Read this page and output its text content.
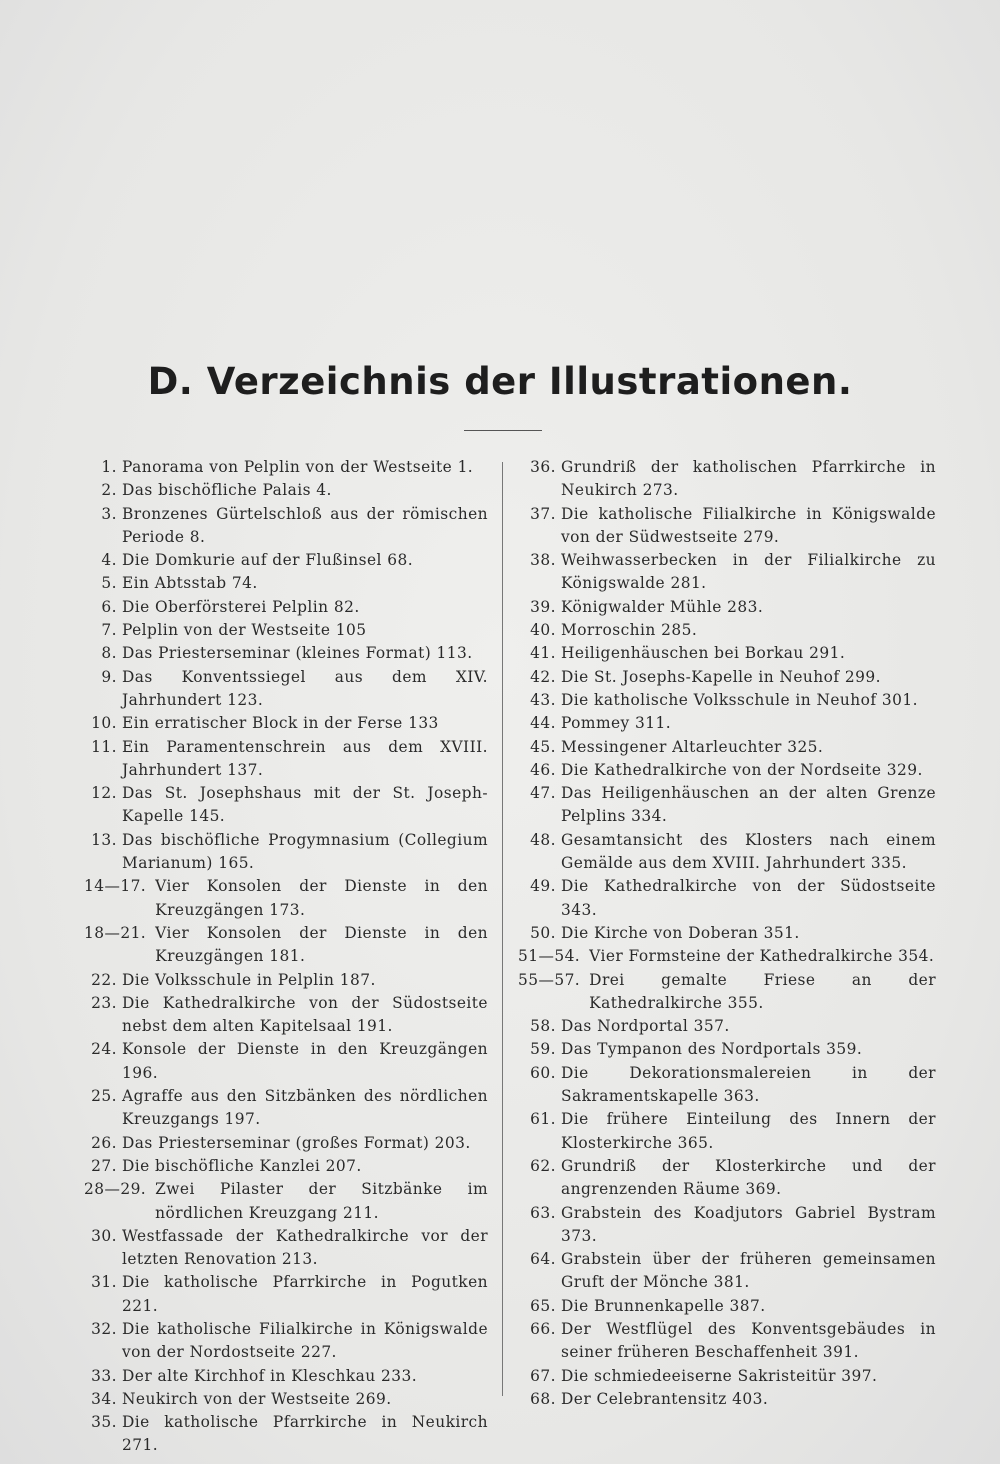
D. Verzeichnis der Illustrationen.
1. Panorama von Pelplin von der Westseite 1.
2. Das bischöfliche Palais 4.
3. Bronzenes Gürtelschloß aus der römischen Periode 8.
4. Die Domkurie auf der Flußinsel 68.
5. Ein Abtsstab 74.
6. Die Oberförsterei Pelplin 82.
7. Pelplin von der Westseite 105
8. Das Priesterseminar (kleines Format) 113.
9. Das Konventssiegel aus dem XIV. Jahrhundert 123.
10. Ein erratischer Block in der Ferse 133
11. Ein Paramentenschrein aus dem XVIII. Jahrhundert 137.
12. Das St. Josephshaus mit der St. Joseph-Kapelle 145.
13. Das bischöfliche Progymnasium (Collegium Marianum) 165.
14—17. Vier Konsolen der Dienste in den Kreuzgängen 173.
18—21. Vier Konsolen der Dienste in den Kreuzgängen 181.
22. Die Volksschule in Pelplin 187.
23. Die Kathedralkirche von der Südostseite nebst dem alten Kapitelsaal 191.
24. Konsole der Dienste in den Kreuzgängen 196.
25. Agraffe aus den Sitzbänken des nördlichen Kreuzgangs 197.
26. Das Priesterseminar (großes Format) 203.
27. Die bischöfliche Kanzlei 207.
28—29. Zwei Pilaster der Sitzbänke im nördlichen Kreuzgang 211.
30. Westfassade der Kathedralkirche vor der letzten Renovation 213.
31. Die katholische Pfarrkirche in Pogutken 221.
32. Die katholische Filialkirche in Königswalde von der Nordostseite 227.
33. Der alte Kirchhof in Kleschkau 233.
34. Neukirch von der Westseite 269.
35. Die katholische Pfarrkirche in Neukirch 271.
36. Grundriß der katholischen Pfarrkirche in Neukirch 273.
37. Die katholische Filialkirche in Königswalde von der Südwestseite 279.
38. Weihwasserbecken in der Filialkirche zu Königswalde 281.
39. Königwalder Mühle 283.
40. Morroschin 285.
41. Heiligenhäuschen bei Borkau 291.
42. Die St. Josephs-Kapelle in Neuhof 299.
43. Die katholische Volksschule in Neuhof 301.
44. Pommey 311.
45. Messingener Altarleuchter 325.
46. Die Kathedralkirche von der Nordseite 329.
47. Das Heiligenhäuschen an der alten Grenze Pelplins 334.
48. Gesamtansicht des Klosters nach einem Gemälde aus dem XVIII. Jahrhundert 335.
49. Die Kathedralkirche von der Südostseite 343.
50. Die Kirche von Doberan 351.
51—54. Vier Formsteine der Kathedralkirche 354.
55—57. Drei gemalte Friese an der Kathedralkirche 355.
58. Das Nordportal 357.
59. Das Tympanon des Nordportals 359.
60. Die Dekorationsmalereien in der Sakramentskapelle 363.
61. Die frühere Einteilung des Innern der Klosterkirche 365.
62. Grundriß der Klosterkirche und der angrenzenden Räume 369.
63. Grabstein des Koadjutors Gabriel Bystram 373.
64. Grabstein über der früheren gemeinsamen Gruft der Mönche 381.
65. Die Brunnenkapelle 387.
66. Der Westflügel des Konventsgebäudes in seiner früheren Beschaffenheit 391.
67. Die schmiedeeiserne Sakristeitür 397.
68. Der Celebrantensitz 403.
